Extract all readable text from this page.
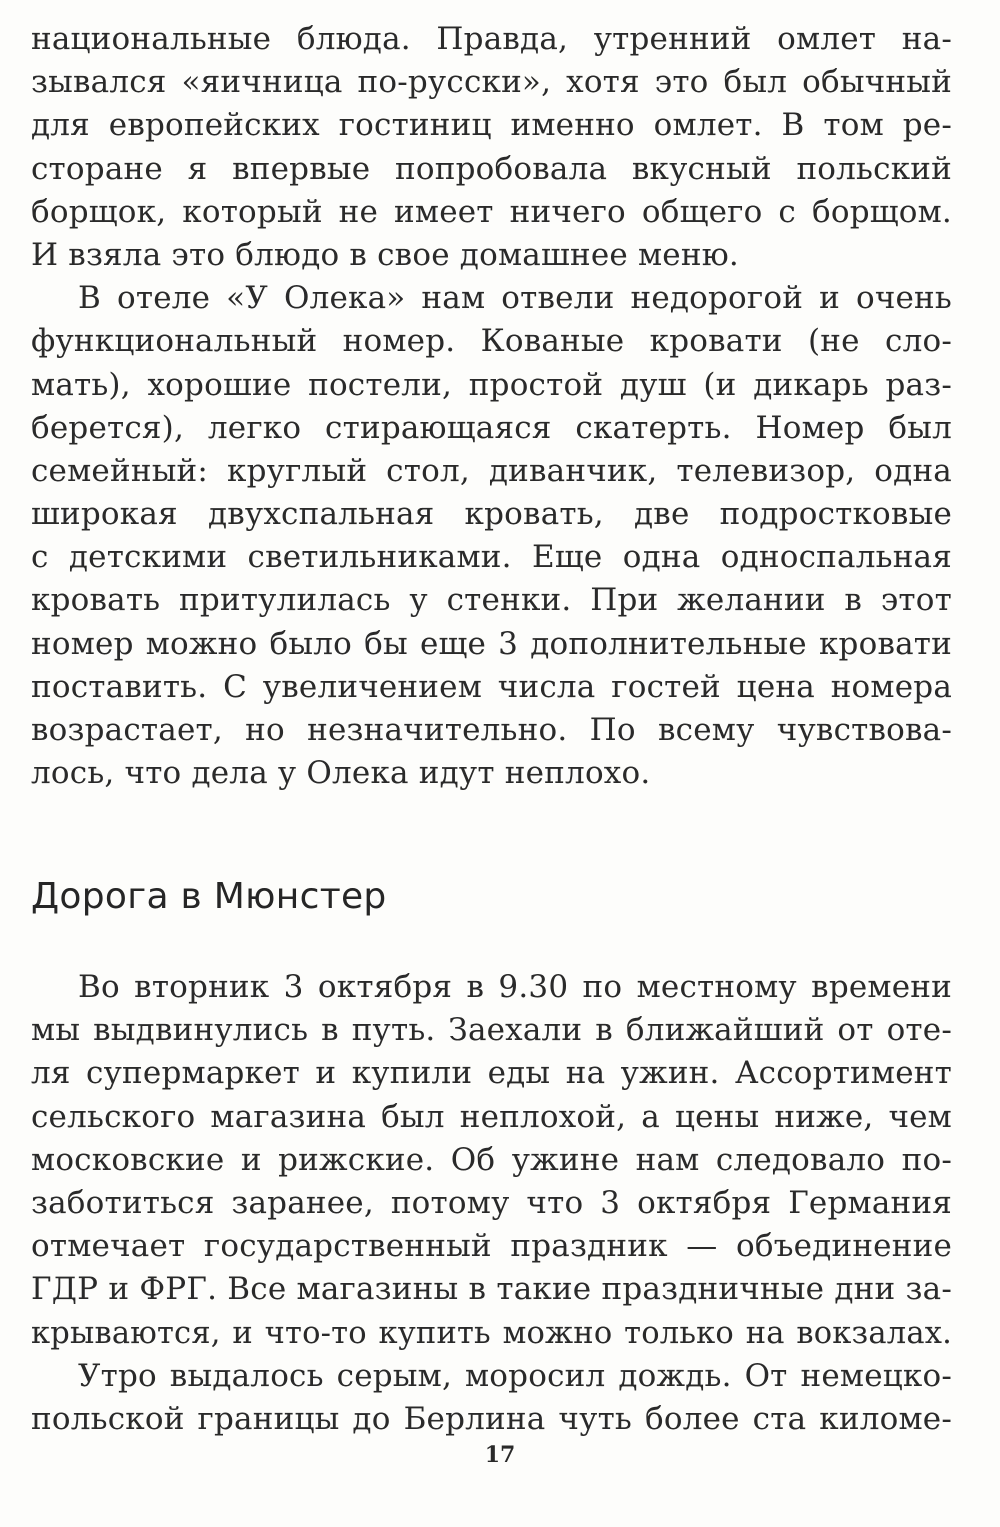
национальные блюда. Правда, утренний омлет на-
зывался «яичница по-русски», хотя это был обычный
для европейских гостиниц именно омлет. В том ре-
сторане я впервые попробовала вкусный польский
борщок, который не имеет ничего общего с борщом.
И взяла это блюдо в свое домашнее меню.
В отеле «У Олека» нам отвели недорогой и очень
функциональный номер. Кованые кровати (не сло-
мать), хорошие постели, простой душ (и дикарь раз-
берется), легко стирающаяся скатерть. Номер был
семейный: круглый стол, диванчик, телевизор, одна
широкая двухспальная кровать, две подростковые
с детскими светильниками. Еще одна односпальная
кровать притулилась у стенки. При желании в этот
номер можно было бы еще 3 дополнительные кровати
поставить. С увеличением числа гостей цена номера
возрастает, но незначительно. По всему чувствова-
лось, что дела у Олека идут неплохо.
Дорога в Мюнстер
Во вторник 3 октября в 9.30 по местному времени
мы выдвинулись в путь. Заехали в ближайший от оте-
ля супермаркет и купили еды на ужин. Ассортимент
сельского магазина был неплохой, а цены ниже, чем
московские и рижские. Об ужине нам следовало по-
заботиться заранее, потому что 3 октября Германия
отмечает государственный праздник — объединение
ГДР и ФРГ. Все магазины в такие праздничные дни за-
крываются, и что-то купить можно только на вокзалах.
Утро выдалось серым, моросил дождь. От немецко-
польской границы до Берлина чуть более ста киломе-
17
